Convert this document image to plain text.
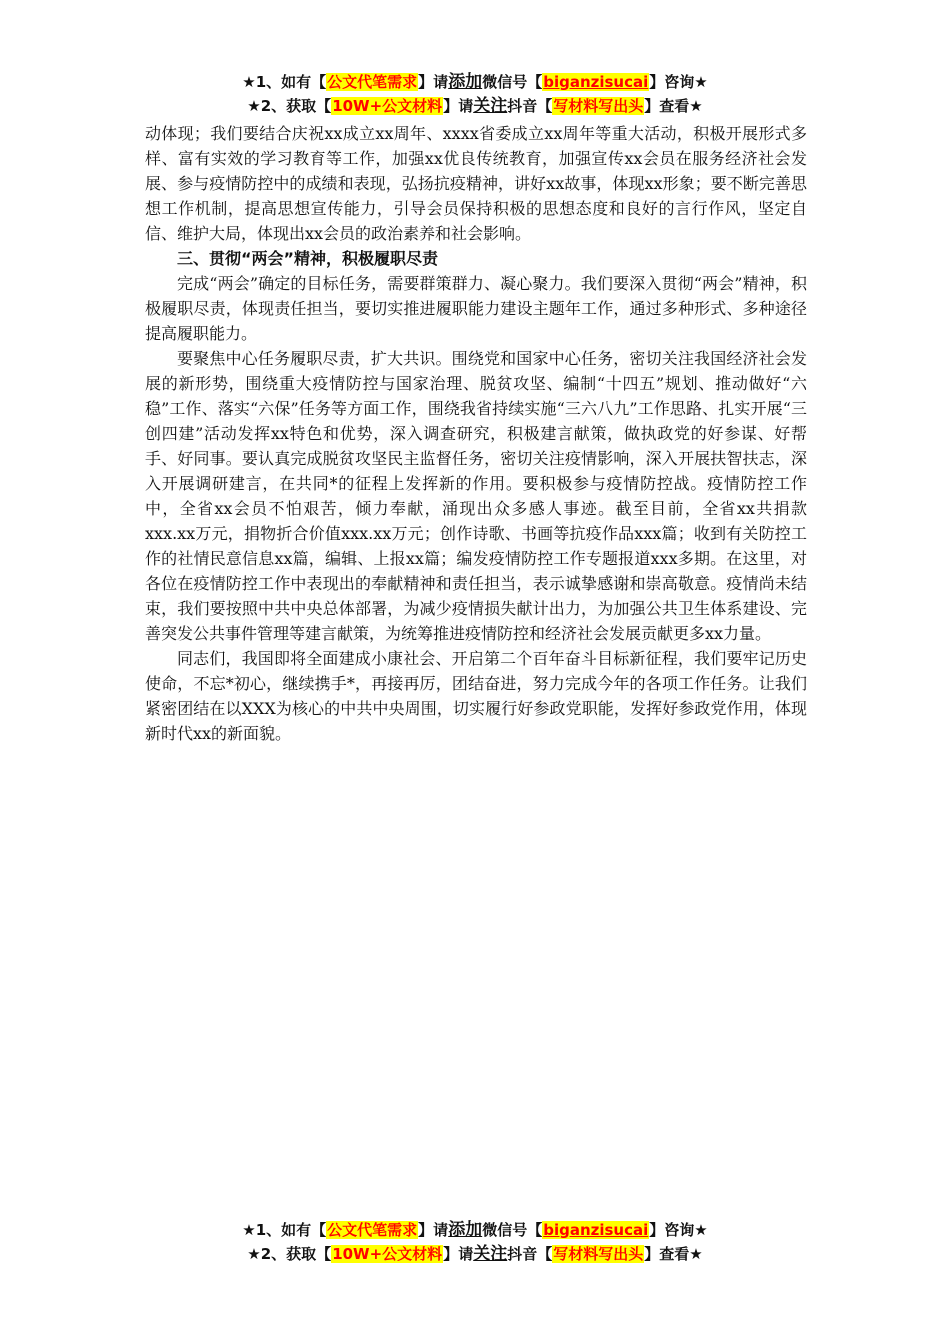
★1、如有【公文代笔需求】请添加微信号【biganzisucai】咨询★
★2、获取【10W+公文材料】请关注抖音【写材料写出头】查看★

动体现；我们要结合庆祝xx成立xx周年、xxxx省委成立xx周年等重大活动，积极开展形式多样、富有实效的学习教育等工作，加强xx优良传统教育，加强宣传xx会员在服务经济社会发展、参与疫情防控中的成绩和表现，弘扬抗疫精神，讲好xx故事，体现xx形象；要不断完善思想工作机制，提高思想宣传能力，引导会员保持积极的思想态度和良好的言行作风，坚定自信、维护大局，体现出xx会员的政治素养和社会影响。

三、贯彻“两会”精神，积极履职尽责

完成“两会”确定的目标任务，需要群策群力、凝心聚力。我们要深入贯彻“两会”精神，积极履职尽责，体现责任担当，要切实推进履职能力建设主题年工作，通过多种形式、多种途径提高履职能力。

要聚焦中心任务履职尽责，扩大共识。围绕党和国家中心任务，密切关注我国经济社会发展的新形势，围绕重大疫情防控与国家治理、脱贫攻坚、编制“十四五”规划、推动做好“六稳”工作、落实“六保”任务等方面工作，围绕我省持续实施“三六八九”工作思路、扎实开展“三创四建”活动发挥xx特色和优势，深入调查研究，积极建言献策，做执政党的好参谋、好帮手、好同事。要认真完成脱贫攻坚民主监督任务，密切关注疫情影响，深入开展扶智扶志，深入开展调研建言，在共同*的征程上发挥新的作用。要积极参与疫情防控战。疫情防控工作中，全省xx会员不怕艰苦，倾力奉献，涌现出众多感人事迹。截至目前，全省xx共捐款xxx.xx万元，捐物折合价值xxx.xx万元；创作诗歌、书画等抗疫作品xxx篇；收到有关防控工作的社情民意信息xx篇，编辑、上报xx篇；编发疫情防控工作专题报道xxx多期。在这里，对各位在疫情防控工作中表现出的奉献精神和责任担当，表示诚挚感谢和崇高敬意。疫情尚未结束，我们要按照中共中央总体部署，为减少疫情损失献计出力，为加强公共卫生体系建设、完善突发公共事件管理等建言献策，为统筹推进疫情防控和经济社会发展贡献更多xx力量。

同志们，我国即将全面建成小康社会、开启第二个百年奋斗目标新征程，我们要牢记历史使命，不忘*初心，继续携手*，再接再厉，团结奋进，努力完成今年的各项工作任务。让我们紧密团结在以XXX为核心的中共中央周围，切实履行好参政党职能，发挥好参政党作用，体现新时代xx的新面貌。

★1、如有【公文代笔需求】请添加微信号【biganzisucai】咨询★
★2、获取【10W+公文材料】请关注抖音【写材料写出头】查看★
